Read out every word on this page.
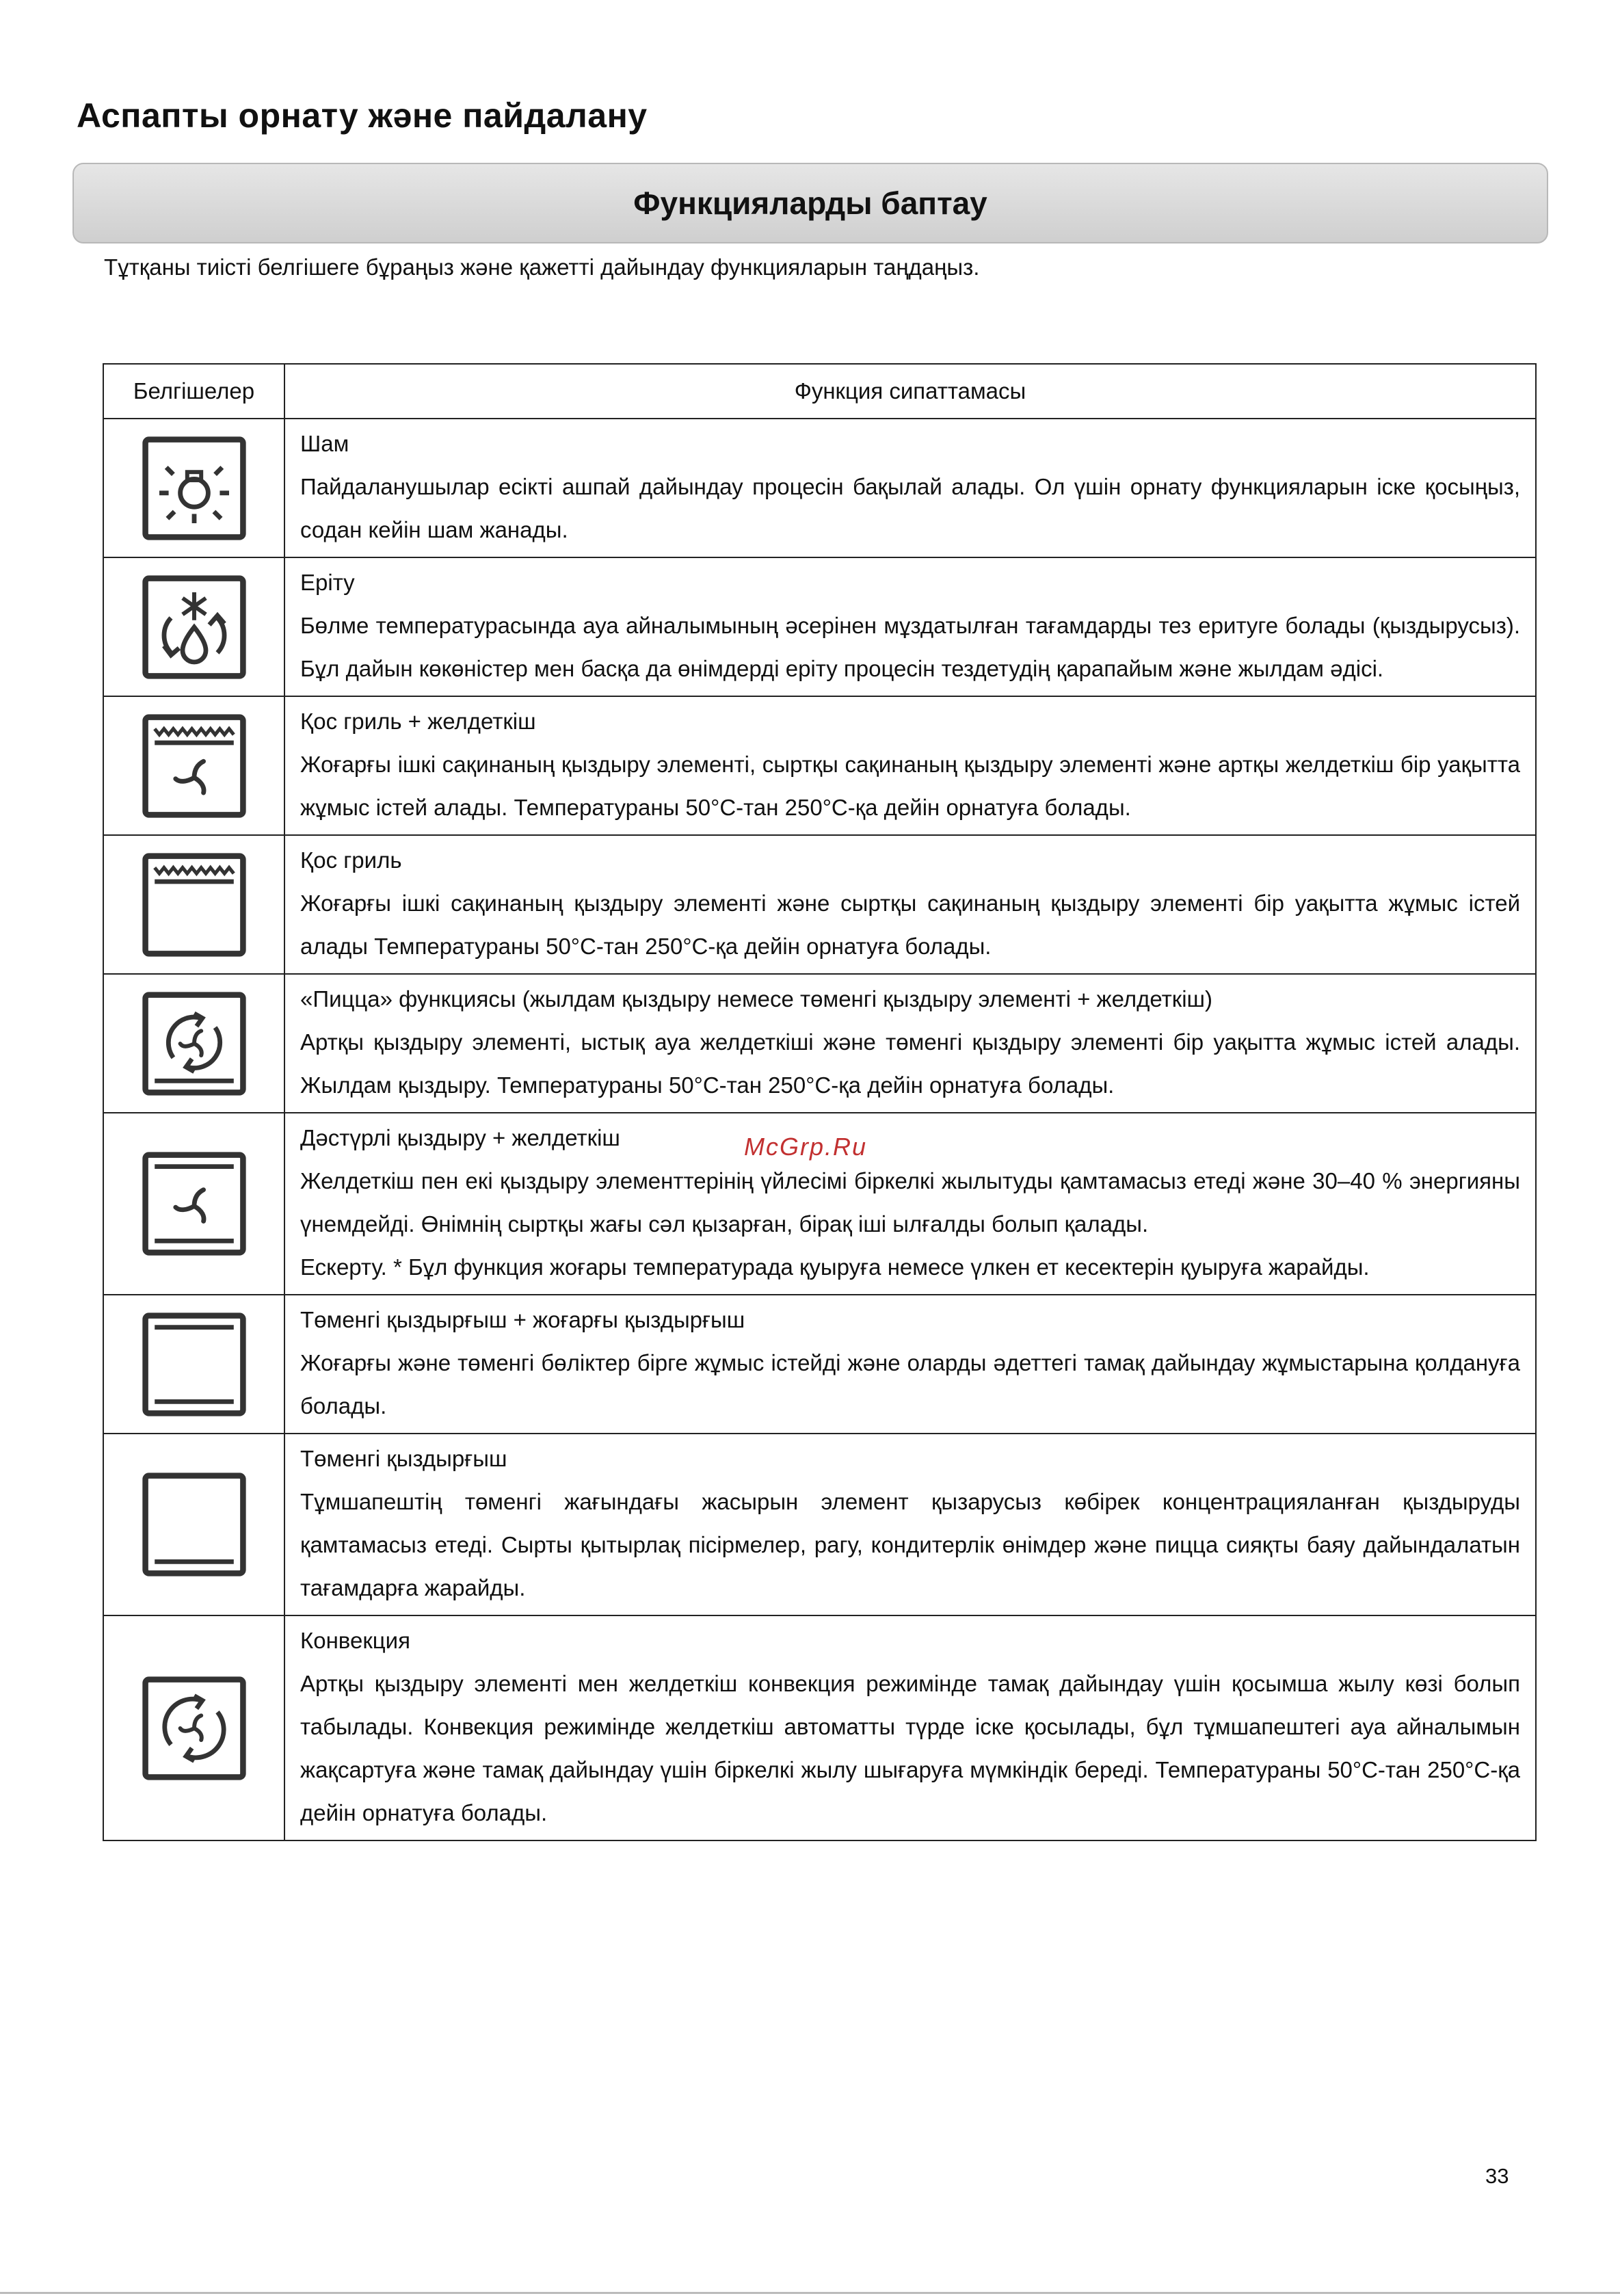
Аспапты орнату және пайдалану
Функцияларды баптау

Тұтқаны тиісті белгішеге бұраңыз және қажетті дайындау функцияларын таңдаңыз.

Белгішелер	Функция сипаттамасы

Шам
Пайдаланушылар есікті ашпай дайындау процесін бақылай алады. Ол үшін орнату функцияларын іске қосыңыз, содан кейін шам жанады.

Еріту
Бөлме температурасында ауа айналымының әсерінен мұздатылған тағамдарды тез еритуге болады (қыздырусыз). Бұл дайын көкөністер мен басқа да өнімдерді еріту процесін тездетудің қарапайым және жылдам әдісі.

Қос гриль + желдеткіш
Жоғарғы ішкі сақинаның қыздыру элементі, сыртқы сақинаның қыздыру элементі және артқы желдеткіш бір уақытта жұмыс істей алады. Температураны 50°C-тан 250°C-қа дейін орнатуға болады.

Қос гриль
Жоғарғы ішкі сақинаның қыздыру элементі және сыртқы сақинаның қыздыру элементі бір уақытта жұмыс істей алады Температураны 50°C-тан 250°C-қа дейін орнатуға болады.

«Пицца» функциясы (жылдам қыздыру немесе төменгі қыздыру элементі + желдеткіш)
Артқы қыздыру элементі, ыстық ауа желдеткіші және төменгі қыздыру элементі бір уақытта жұмыс істей алады. Жылдам қыздыру. Температураны 50°C-тан 250°C-қа дейін орнатуға болады.

Дәстүрлі қыздыру + желдеткіш
Желдеткіш пен екі қыздыру элементтерінің үйлесімі біркелкі жылытуды қамтамасыз етеді және 30–40 % энергияны үнемдейді. Өнімнің сыртқы жағы сәл қызарған, бірақ іші ылғалды болып қалады.
Ескерту. * Бұл функция жоғары температурада қуыруға немесе үлкен ет кесектерін қуыруға жарайды.

Төменгі қыздырғыш + жоғарғы қыздырғыш
Жоғарғы және төменгі бөліктер бірге жұмыс істейді және оларды әдеттегі тамақ дайындау жұмыстарына қолдануға болады.

Төменгі қыздырғыш
Тұмшапештің төменгі жағындағы жасырын элемент қызарусыз көбірек концентрацияланған қыздыруды қамтамасыз етеді. Сырты қытырлақ пісірмелер, рагу, кондитерлік өнімдер және пицца сияқты баяу дайындалатын тағамдарға жарайды.

Конвекция
Артқы қыздыру элементі мен желдеткіш конвекция режимінде тамақ дайындау үшін қосымша жылу көзі болып табылады. Конвекция режимінде желдеткіш автоматты түрде іске қосылады, бұл тұмшапештегі ауа айналымын жақсартуға және тамақ дайындау үшін біркелкі жылу шығаруға мүмкіндік береді. Температураны 50°C-тан 250°C-қа дейін орнатуға болады.
McGrp.Ru
33
